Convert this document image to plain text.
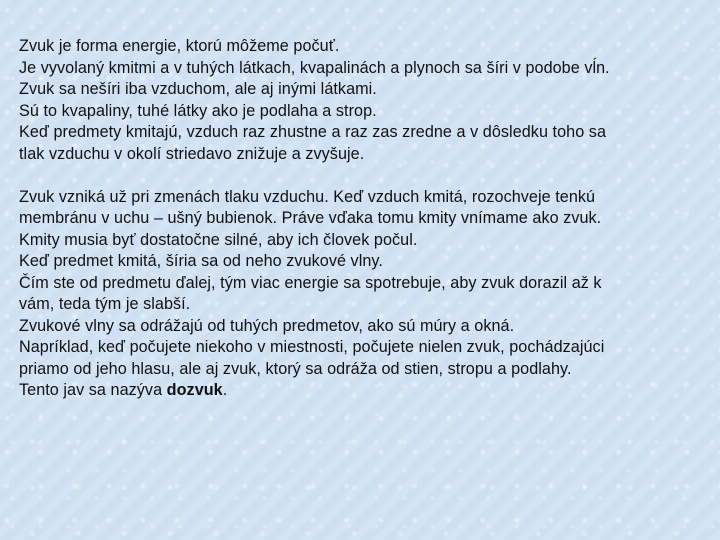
Zvuk je forma energie, ktorú môžeme počuť.
Je vyvolaný kmitmi a v tuhých látkach, kvapalinách a plynoch sa šíri v podobe vĺn.
Zvuk sa nešíri iba vzduchom, ale aj inými látkami.
Sú to kvapaliny, tuhé látky ako je podlaha a strop.
Keď predmety kmitajú, vzduch raz zhustne a raz zas zredne a v dôsledku toho sa
tlak vzduchu v okolí striedavo znižuje a zvyšuje.
Zvuk vzniká už pri zmenách tlaku vzduchu. Keď vzduch kmitá, rozochveje tenkú
membránu v uchu – ušný bubienok. Práve vďaka tomu kmity vnímame ako zvuk.
Kmity musia byť dostatočne silné, aby ich človek počul.
Keď predmet kmitá, šíria sa od neho zvukové vlny.
Čím ste od predmetu ďalej, tým viac energie sa spotrebuje, aby zvuk dorazil až k
vám, teda tým je slabší.
Zvukové vlny sa odrážajú od tuhých predmetov, ako sú múry a okná.
Napríklad, keď počujete niekoho v miestnosti, počujete nielen zvuk, pochádzajúci
priamo od jeho hlasu, ale aj zvuk, ktorý sa odráža od stien, stropu a podlahy.
Tento jav sa nazýva dozvuk.
